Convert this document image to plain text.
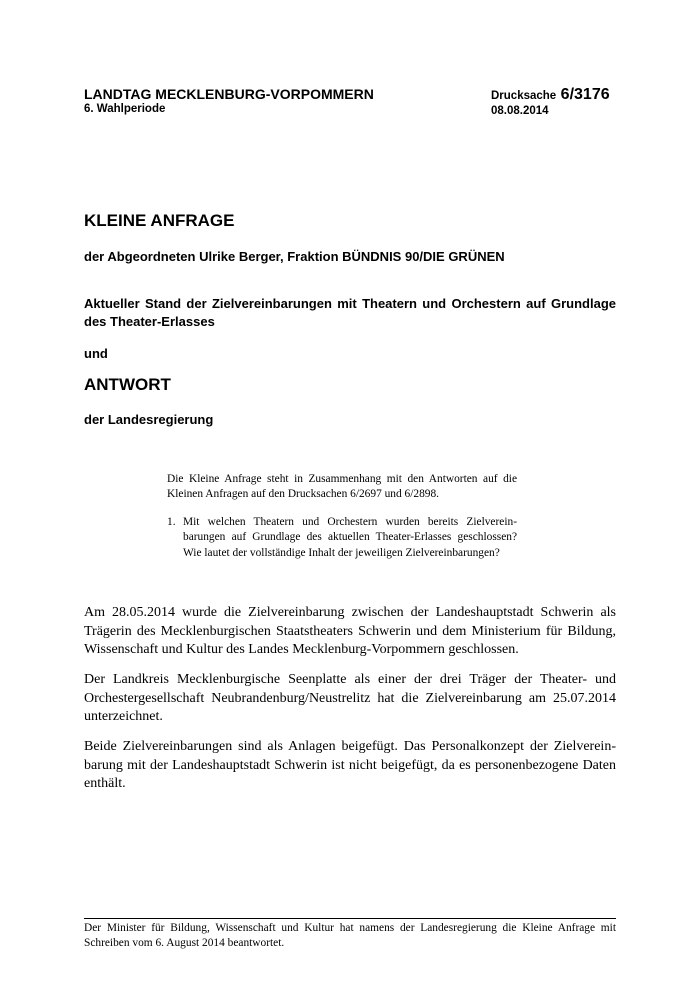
LANDTAG MECKLENBURG-VORPOMMERN
6. Wahlperiode
Drucksache 6/3176
08.08.2014
KLEINE ANFRAGE
der Abgeordneten Ulrike Berger, Fraktion BÜNDNIS 90/DIE GRÜNEN
Aktueller Stand der Zielvereinbarungen mit Theatern und Orchestern auf Grundlage des Theater-Erlasses
und
ANTWORT
der Landesregierung
Die Kleine Anfrage steht in Zusammenhang mit den Antworten auf die Kleinen Anfragen auf den Drucksachen 6/2697 und 6/2898.
1. Mit welchen Theatern und Orchestern wurden bereits Zielvereinbarungen auf Grundlage des aktuellen Theater-Erlasses geschlossen? Wie lautet der vollständige Inhalt der jeweiligen Zielvereinbarungen?

Am 28.05.2014 wurde die Zielvereinbarung zwischen der Landeshauptstadt Schwerin als Trägerin des Mecklenburgischen Staatstheaters Schwerin und dem Ministerium für Bildung, Wissenschaft und Kultur des Landes Mecklenburg-Vorpommern geschlossen.

Der Landkreis Mecklenburgische Seenplatte als einer der drei Träger der Theater- und Orchestergesellschaft Neubrandenburg/Neustrelitz hat die Zielvereinbarung am 25.07.2014 unterzeichnet.

Beide Zielvereinbarungen sind als Anlagen beigefügt. Das Personalkonzept der Zielvereinbarung mit der Landeshauptstadt Schwerin ist nicht beigefügt, da es personenbezogene Daten enthält.

Der Minister für Bildung, Wissenschaft und Kultur hat namens der Landesregierung die Kleine Anfrage mit Schreiben vom 6. August 2014 beantwortet.
